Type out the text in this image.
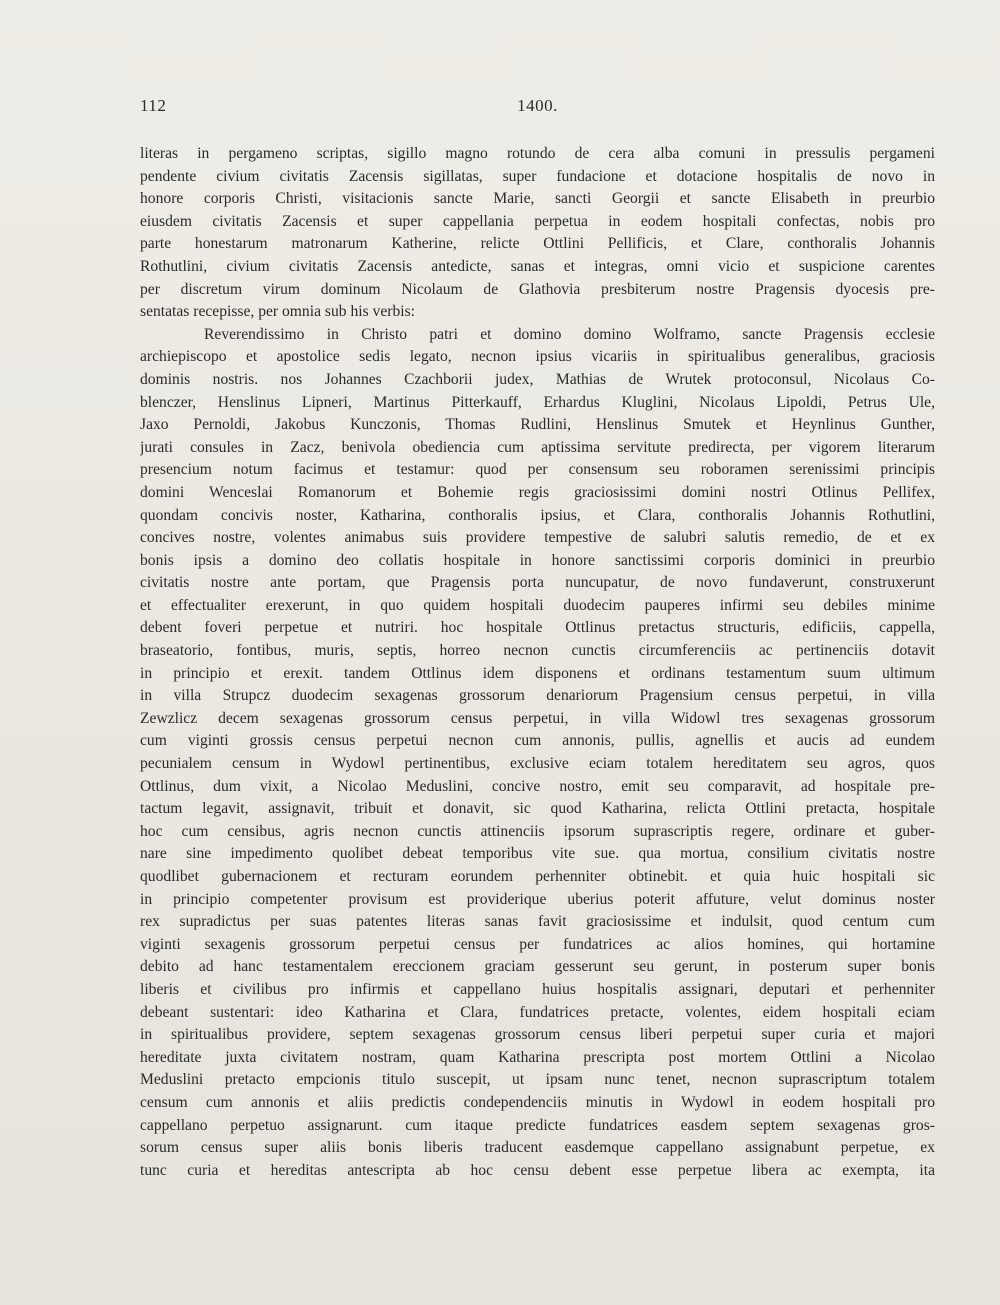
112	1400.
literas in pergameno scriptas, sigillo magno rotundo de cera alba comuni in pressulis pergameni
pendente civium civitatis Zacensis sigillatas, super fundacione et dotacione hospitalis de novo in
honore corporis Christi, visitacionis sancte Marie, sancti Georgii et sancte Elisabeth in preurbio
eiusdem civitatis Zacensis et super cappellania perpetua in eodem hospitali confectas, nobis pro
parte honestarum matronarum Katherine, relicte Ottlini Pellificis, et Clare, conthoralis Johannis
Rothutlini, civium civitatis Zacensis antedicte, sanas et integras, omni vicio et suspicione carentes
per discretum virum dominum Nicolaum de Glathovia presbiterum nostre Pragensis dyocesis pre-
sentatas recepisse, per omnia sub his verbis:
Reverendissimo in Christo patri et domino domino Wolframo, sancte Pragensis ecclesie
archiepiscopo et apostolice sedis legato, necnon ipsius vicariis in spiritualibus generalibus, graciosis
dominis nostris. nos Johannes Czachborii judex, Mathias de Wrutek protoconsul, Nicolaus Co-
blenczer, Henslinus Lipneri, Martinus Pitterkauff, Erhardus Kluglini, Nicolaus Lipoldi, Petrus Ule,
Jaxo Pernoldi, Jakobus Kunczonis, Thomas Rudlini, Henslinus Smutek et Heynlinus Gunther,
jurati consules in Zacz, benivola obediencia cum aptissima servitute predirecta, per vigorem literarum
presencium notum facimus et testamur: quod per consensum seu roboramen serenissimi principis
domini Wenceslai Romanorum et Bohemie regis graciosissimi domini nostri Otlinus Pellifex,
quondam concivis noster, Katharina, conthoralis ipsius, et Clara, conthoralis Johannis Rothutlini,
concives nostre, volentes animabus suis providere tempestive de salubri salutis remedio, de et ex
bonis ipsis a domino deo collatis hospitale in honore sanctissimi corporis dominici in preurbio
civitatis nostre ante portam, que Pragensis porta nuncupatur, de novo fundaverunt, construxerunt
et effectualiter erexerunt, in quo quidem hospitali duodecim pauperes infirmi seu debiles minime
debent foveri perpetue et nutriri. hoc hospitale Ottlinus pretactus structuris, edificiis, cappella,
braseatorio, fontibus, muris, septis, horreo necnon cunctis circumferenciis ac pertinenciis dotavit
in principio et erexit. tandem Ottlinus idem disponens et ordinans testamentum suum ultimum
in villa Strupcz duodecim sexagenas grossorum denariorum Pragensium census perpetui, in villa
Zewzlicz decem sexagenas grossorum census perpetui, in villa Widowl tres sexagenas grossorum
cum viginti grossis census perpetui necnon cum annonis, pullis, agnellis et aucis ad eundem
pecunialem censum in Wydowl pertinentibus, exclusive eciam totalem hereditatem seu agros, quos
Ottlinus, dum vixit, a Nicolao Meduslini, concive nostro, emit seu comparavit, ad hospitale pre-
tactum legavit, assignavit, tribuit et donavit, sic quod Katharina, relicta Ottlini pretacta, hospitale
hoc cum censibus, agris necnon cunctis attinenciis ipsorum suprascriptis regere, ordinare et guber-
nare sine impedimento quolibet debeat temporibus vite sue. qua mortua, consilium civitatis nostre
quodlibet gubernacionem et recturam eorundem perhenniter obtinebit. et quia huic hospitali sic
in principio competenter provisum est providerique uberius poterit affuture, velut dominus noster
rex supradictus per suas patentes literas sanas favit graciosissime et indulsit, quod centum cum
viginti sexagenis grossorum perpetui census per fundatrices ac alios homines, qui hortamine
debito ad hanc testamentalem ereccionem graciam gesserunt seu gerunt, in posterum super bonis
liberis et civilibus pro infirmis et cappellano huius hospitalis assignari, deputari et perhenniter
debeant sustentari: ideo Katharina et Clara, fundatrices pretacte, volentes, eidem hospitali eciam
in spiritualibus providere, septem sexagenas grossorum census liberi perpetui super curia et majori
hereditate juxta civitatem nostram, quam Katharina prescripta post mortem Ottlini a Nicolao
Meduslini pretacto empcionis titulo suscepit, ut ipsam nunc tenet, necnon suprascriptum totalem
censum cum annonis et aliis predictis condependenciis minutis in Wydowl in eodem hospitali pro
cappellano perpetuo assignarunt. cum itaque predicte fundatrices easdem septem sexagenas gros-
sorum census super aliis bonis liberis traducent easdemque cappellano assignabunt perpetue, ex
tunc curia et hereditas antescripta ab hoc censu debent esse perpetue libera ac exempta, ita
